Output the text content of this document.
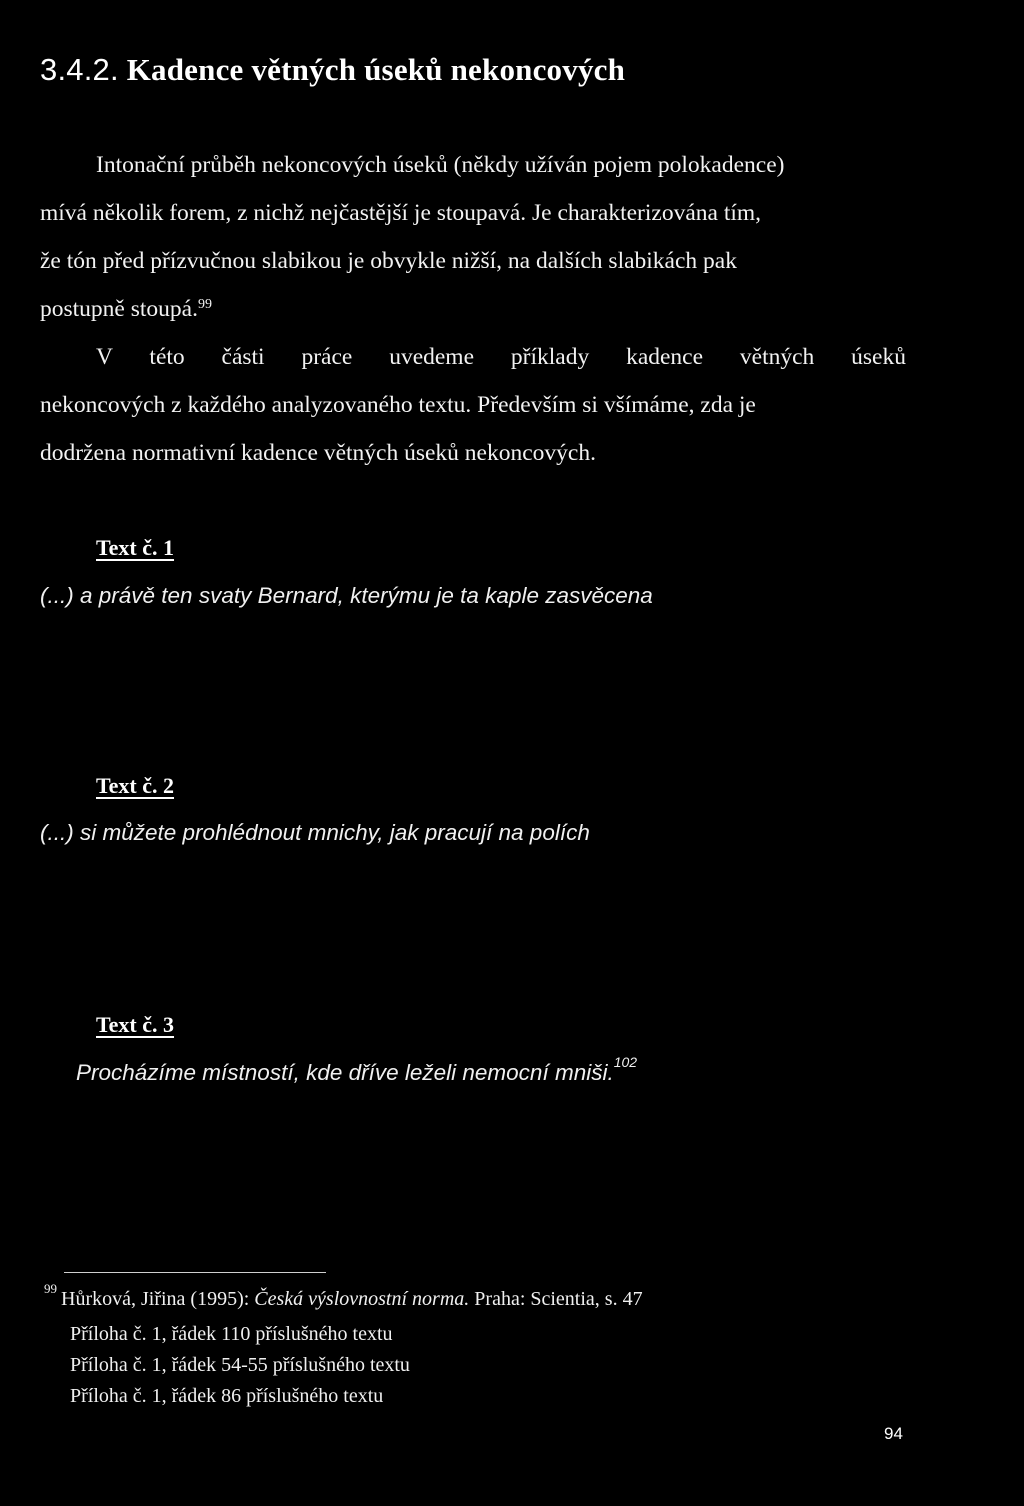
3.4.2. Kadence větných úseků nekoncových
Intonační průběh nekoncových úseků (někdy užíván pojem polokadence)
mívá několik forem, z nichž nejčastější je stoupavá. Je charakterizována tím,
že tón před přízvučnou slabikou je obvykle nižší, na dalších slabikách pak
postupně stoupá.$^{99}$
V této části práce uvedeme příklady kadence větných úseků
nekoncových z každého analyzovaného textu. Především si všímáme, zda je
dodržena normativní kadence větných úseků nekoncových.
Text č. 1
(...) a právě ten svaty Bernard, kterýmu je ta kaple zasvěcena
Text č. 2
(...) si můžete prohlédnout mnichy, jak pracují na polích
Text č. 3
Procházíme místností, kde dříve leželi nemocní mniši.$^{102}$
$^{99}$ Hůrková, Jiřina (1995): Česká výslovnostní norma. Praha: Scientia, s. 47
Příloha č. 1, řádek 110 příslušného textu
Příloha č. 1, řádek 54-55 příslušného textu
Příloha č. 1, řádek 86 příslušného textu
94
